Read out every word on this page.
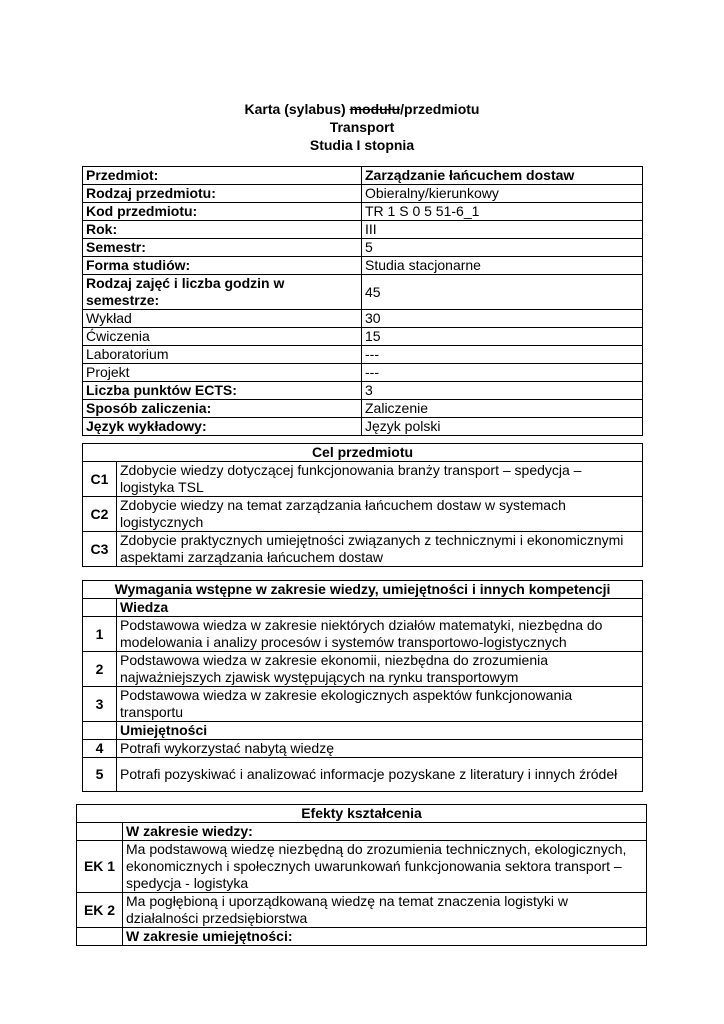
Karta (sylabus) modułu/przedmiotu
Transport
Studia I stopnia
Przedmiot:	Zarządzanie łańcuchem dostaw
Rodzaj przedmiotu:	Obieralny/kierunkowy
Kod przedmiotu:	TR 1 S 0 5 51-6_1
Rok:	III
Semestr:	5
Forma studiów:	Studia stacjonarne
Rodzaj zajęć i liczba godzin w semestrze:	45
Wykład	30
Ćwiczenia	15
Laboratorium	---
Projekt	---
Liczba punktów ECTS:	3
Sposób zaliczenia:	Zaliczenie
Język wykładowy:	Język polski
Cel przedmiotu	
C1	Zdobycie wiedzy dotyczącej funkcjonowania branży transport – spedycja – logistyka TSL
C2	Zdobycie wiedzy na temat zarządzania łańcuchem dostaw w systemach logistycznych
C3	Zdobycie praktycznych umiejętności związanych z technicznymi i ekonomicznymi aspektami zarządzania łańcuchem dostaw
Wymagania wstępne w zakresie wiedzy, umiejętności i innych kompetencji	
	Wiedza
1	Podstawowa wiedza w zakresie niektórych działów matematyki, niezbędna do modelowania i analizy procesów i systemów transportowo-logistycznych
2	Podstawowa wiedza w zakresie ekonomii, niezbędna do zrozumienia najważniejszych zjawisk występujących na rynku transportowym
3	Podstawowa wiedza w zakresie ekologicznych aspektów funkcjonowania transportu
	Umiejętności
4	Potrafi wykorzystać nabytą wiedzę
5	Potrafi pozyskiwać i analizować informacje pozyskane z literatury i innych źródeł
Efekty kształcenia	
	W zakresie wiedzy:
EK 1	Ma podstawową wiedzę niezbędną do zrozumienia technicznych, ekologicznych, ekonomicznych i społecznych uwarunkowań funkcjonowania sektora transport – spedycja - logistyka
EK 2	Ma pogłębioną i uporządkowaną wiedzę na temat znaczenia logistyki w działalności przedsiębiorstwa
	W zakresie umiejętności:
